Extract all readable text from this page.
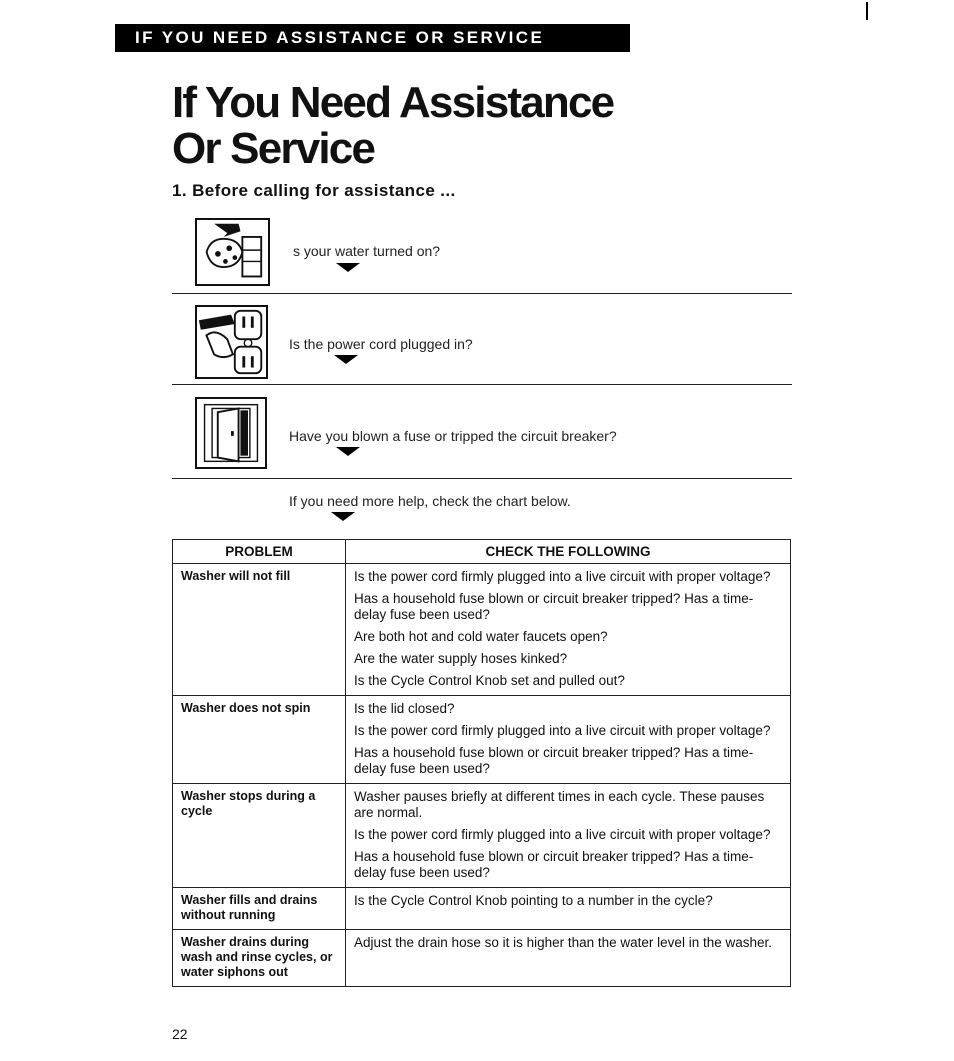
IF YOU NEED ASSISTANCE OR SERVICE
If You Need Assistance
Or Service
1. Before calling for assistance ...
s your water turned on?
Is the power cord plugged in?
Have you blown a fuse or tripped the circuit breaker?
If you need more help, check the chart below.
PROBLEM	CHECK THE FOLLOWING
Washer will not fill	Is the power cord firmly plugged into a live circuit with proper voltage?

Has a household fuse blown or circuit breaker tripped? Has a time-delay fuse been used?

Are both hot and cold water faucets open?

Are the water supply hoses kinked?

Is the Cycle Control Knob set and pulled out?

Washer does not spin	Is the lid closed?

Is the power cord firmly plugged into a live circuit with proper voltage?

Has a household fuse blown or circuit breaker tripped? Has a time-delay fuse been used?

Washer stops during a cycle	Washer pauses briefly at different times in each cycle. These pauses are normal.

Is the power cord firmly plugged into a live circuit with proper voltage?

Has a household fuse blown or circuit breaker tripped? Has a time-delay fuse been used?

Washer fills and drains without running	Is the Cycle Control Knob pointing to a number in the cycle?

Washer drains during wash and rinse cycles, or water siphons out	Adjust the drain hose so it is higher than the water level in the washer.

22
